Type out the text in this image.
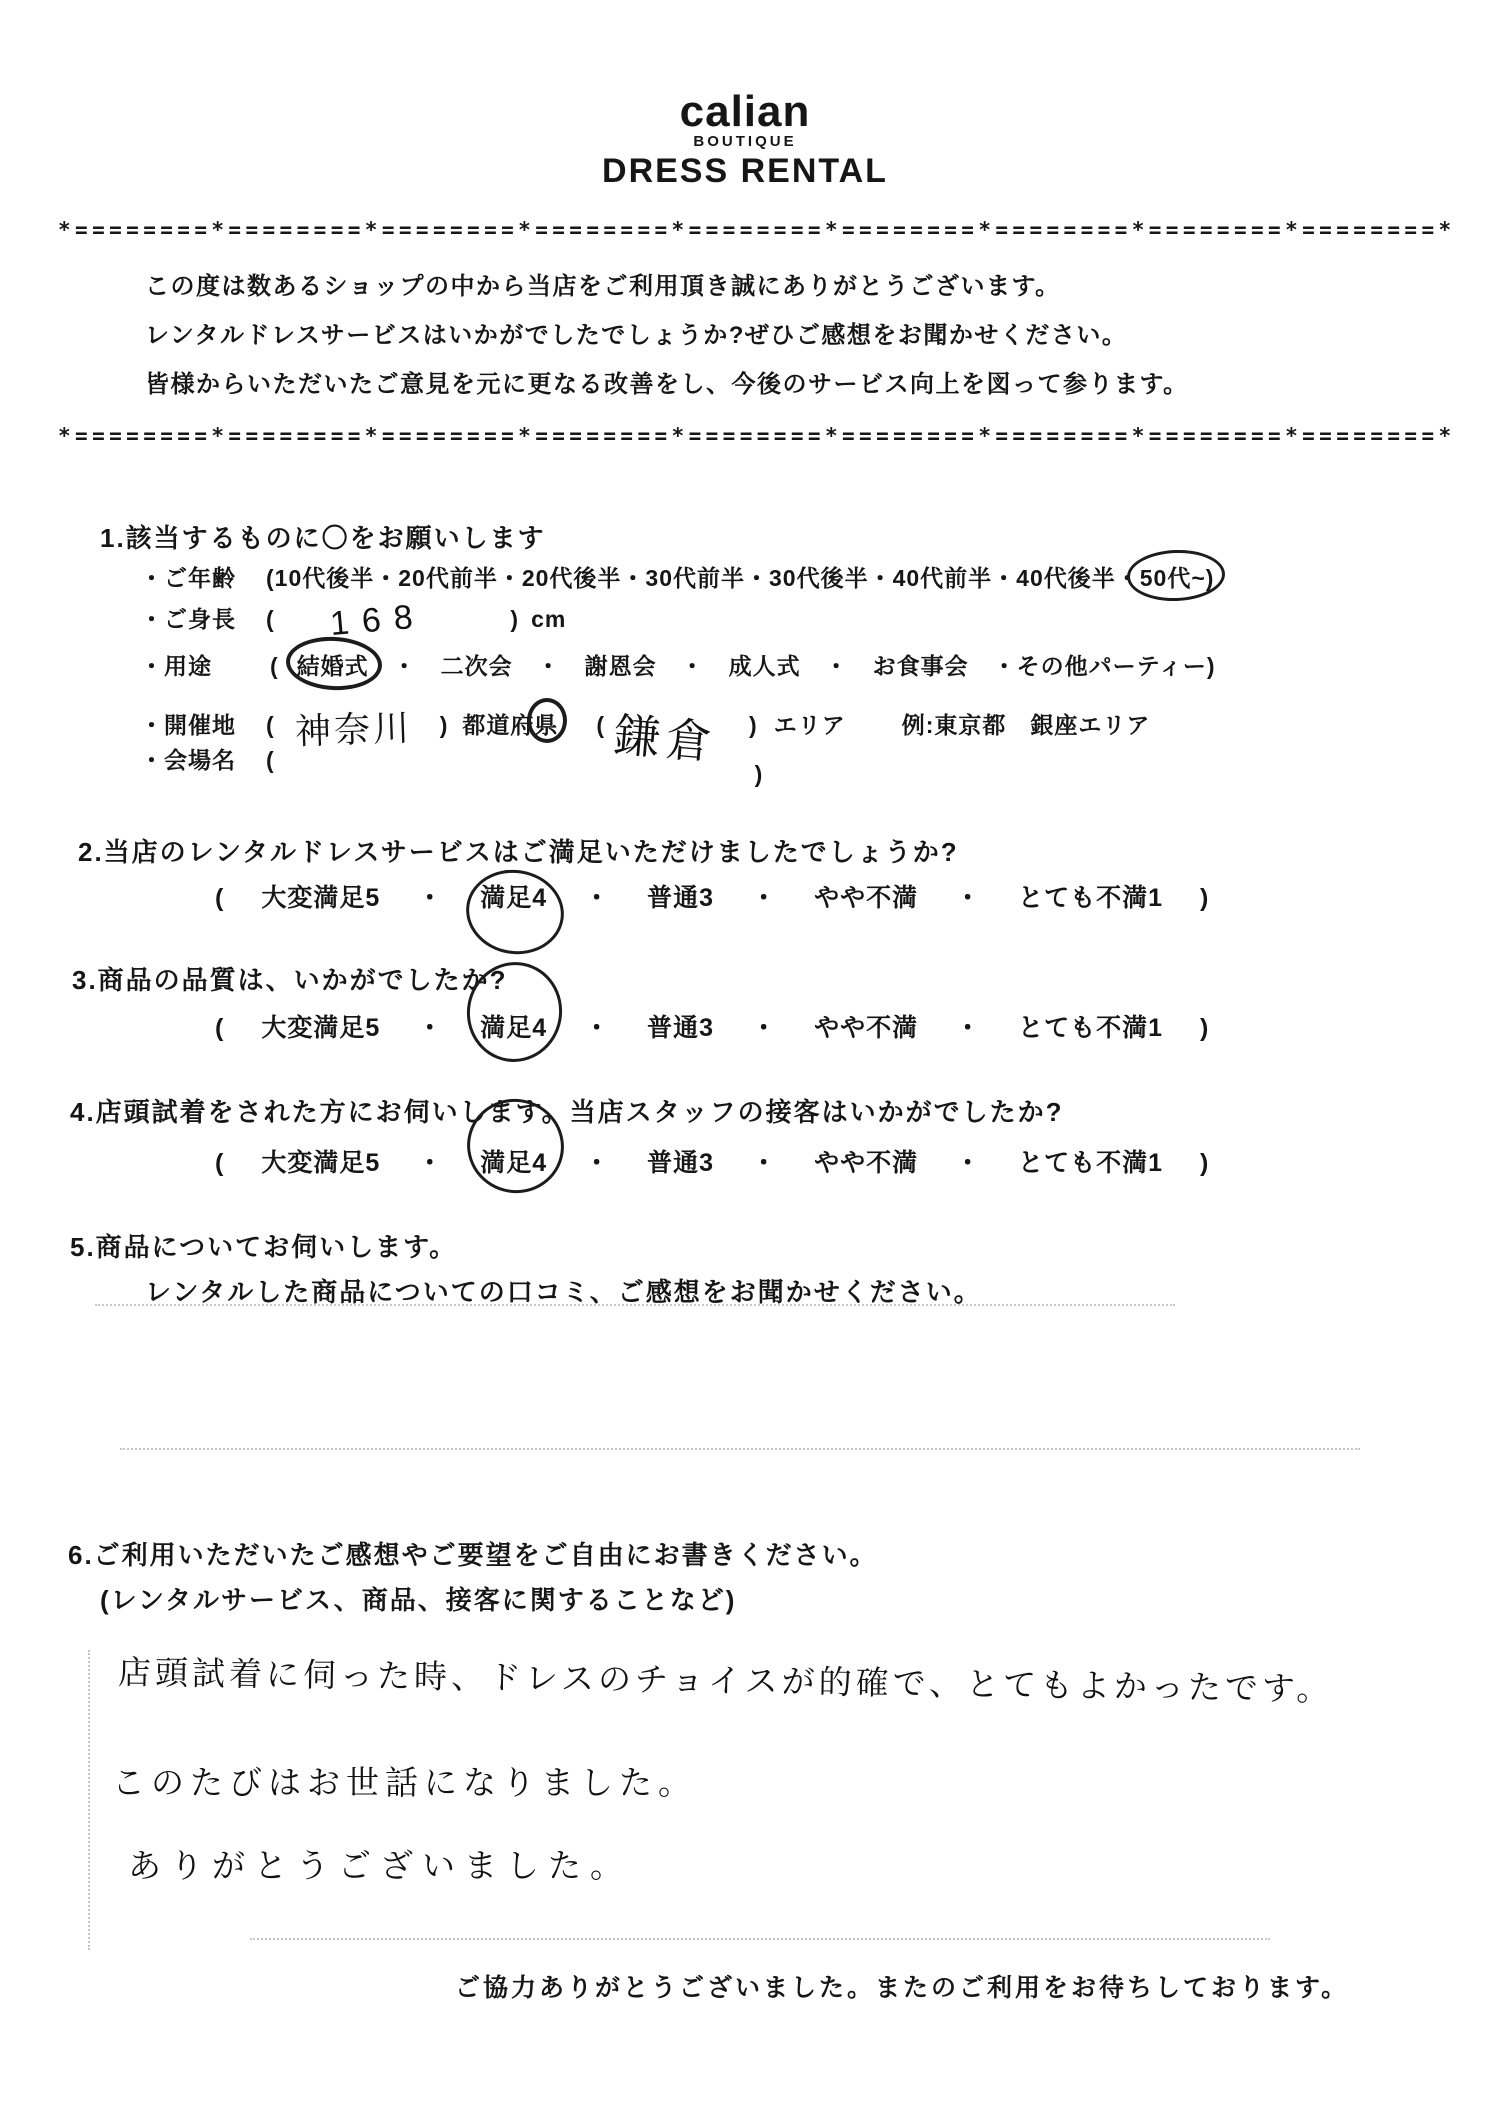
calian
BOUTIQUE
DRESS RENTAL
*========*========*========*========*========*========*========*========*========*
*========*========*========*========*========*========*========*========*========*
この度は数あるショップの中から当店をご利用頂き誠にありがとうございます。
レンタルドレスサービスはいかがでしたでしょうか?ぜひご感想をお聞かせください。
皆様からいただいたご意見を元に更なる改善をし、今後のサービス向上を図って参ります。
1.該当するものに〇をお願いします
・ご年齢 (10代後半・20代前半・20代後半・30代前半・30代後半・40代前半・40代後半・50代~)
・ご身長 ( 168	) cm
・用途	( 結婚式　・　二次会　・　謝恩会　・　成人式　・　お食事会　・その他パーティー)
・開催地 ( 神奈川 ) 都道府県 ( 鎌倉 ) エリア 例:東京都　銀座エリア
・会場名 ()
2.当店のレンタルドレスサービスはご満足いただけましたでしょうか?
( 大変満足5 ・ 満足4 ・ 普通3 ・ やや不満 ・ とても不満1 )
3.商品の品質は、いかがでしたか?
( 大変満足5 ・ 満足4 ・ 普通3 ・ やや不満 ・ とても不満1 )
4.店頭試着をされた方にお伺いします。当店スタッフの接客はいかがでしたか?
( 大変満足5 ・ 満足4 ・ 普通3 ・ やや不満 ・ とても不満1 )
5.商品についてお伺いします。
レンタルした商品についての口コミ、ご感想をお聞かせください。
6.ご利用いただいたご感想やご要望をご自由にお書きください。
(レンタルサービス、商品、接客に関することなど)
店頭試着に伺った時、ドレスのチョイスが的確で、とてもよかったです。
このたびはお世話になりました。
ありがとうございました。
ご協力ありがとうございました。またのご利用をお待ちしております。
